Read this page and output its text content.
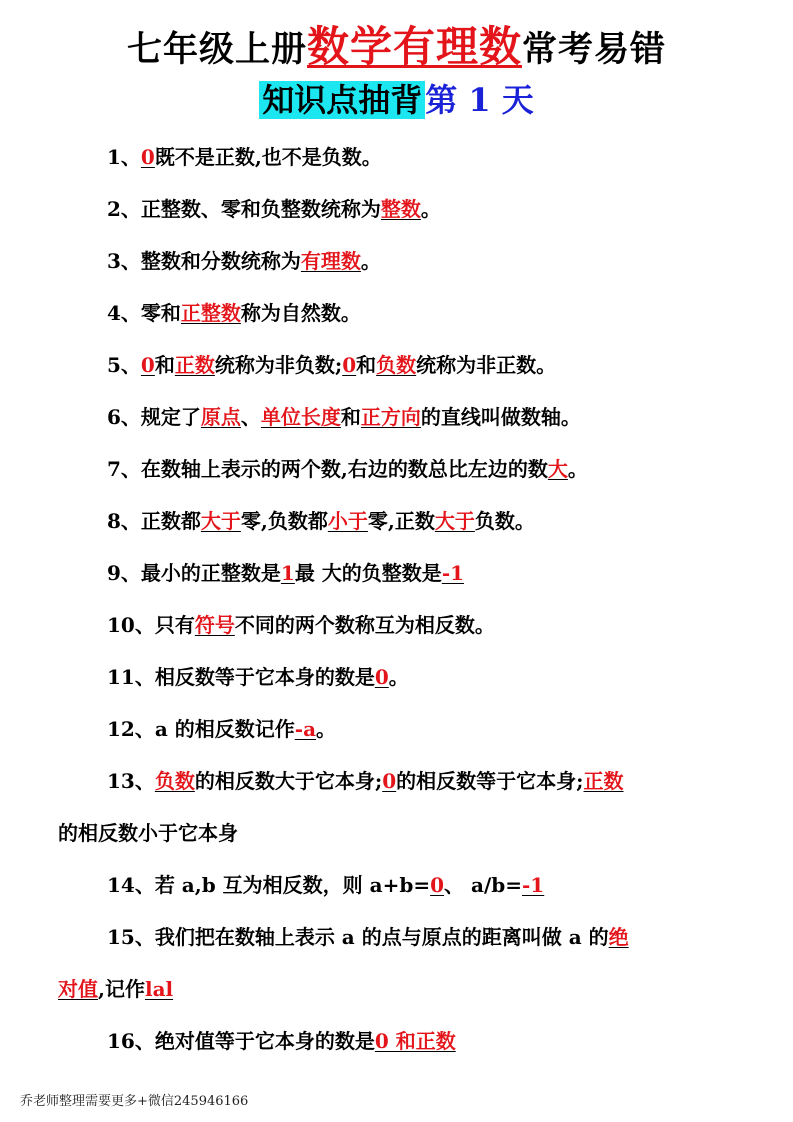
七年级上册数学有理数常考易错
知识点抽背第 1 天
1、0既不是正数,也不是负数。
2、正整数、零和负整数统称为整数。
3、整数和分数统称为有理数。
4、零和正整数称为自然数。
5、0和正数统称为非负数;0和负数统称为非正数。
6、规定了原点、单位长度和正方向的直线叫做数轴。
7、在数轴上表示的两个数,右边的数总比左边的数大。
8、正数都大于零,负数都小于零,正数大于负数。
9、最小的正整数是1最 大的负整数是-1
10、只有符号不同的两个数称互为相反数。
11、相反数等于它本身的数是0。
12、a 的相反数记作-a。
13、负数的相反数大于它本身;0的相反数等于它本身;正数
的相反数小于它本身
14、若 a,b 互为相反数，则 a+b=0、 a/b=-1
15、我们把在数轴上表示 a 的点与原点的距离叫做 a 的绝
对值,记作lal
16、绝对值等于它本身的数是0 和正数
乔老师整理需要更多+微信245946166
